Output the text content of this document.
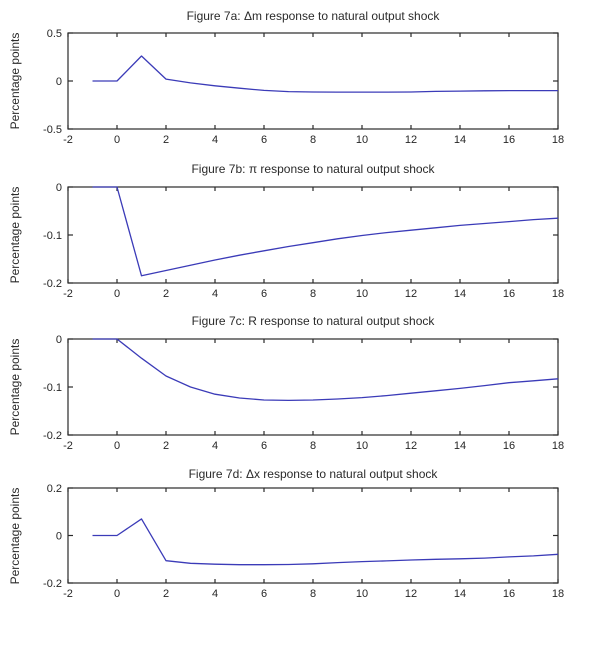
Figure 7a: Δm response to natural output shock
Percentage points
-2	0	2	4	6	8	10	12	14	16	18
0.5
0
-0.5
Figure 7b: π response to natural output shock
Percentage points
-2	0	2	4	6	8	10	12	14	16	18
0
-0.1
-0.2
Figure 7c: R response to natural output shock
Percentage points
-2	0	2	4	6	8	10	12	14	16	18
0
-0.1
-0.2
Figure 7d: Δx response to natural output shock
Percentage points
-2	0	2	4	6	8	10	12	14	16	18
0.2
0
-0.2
